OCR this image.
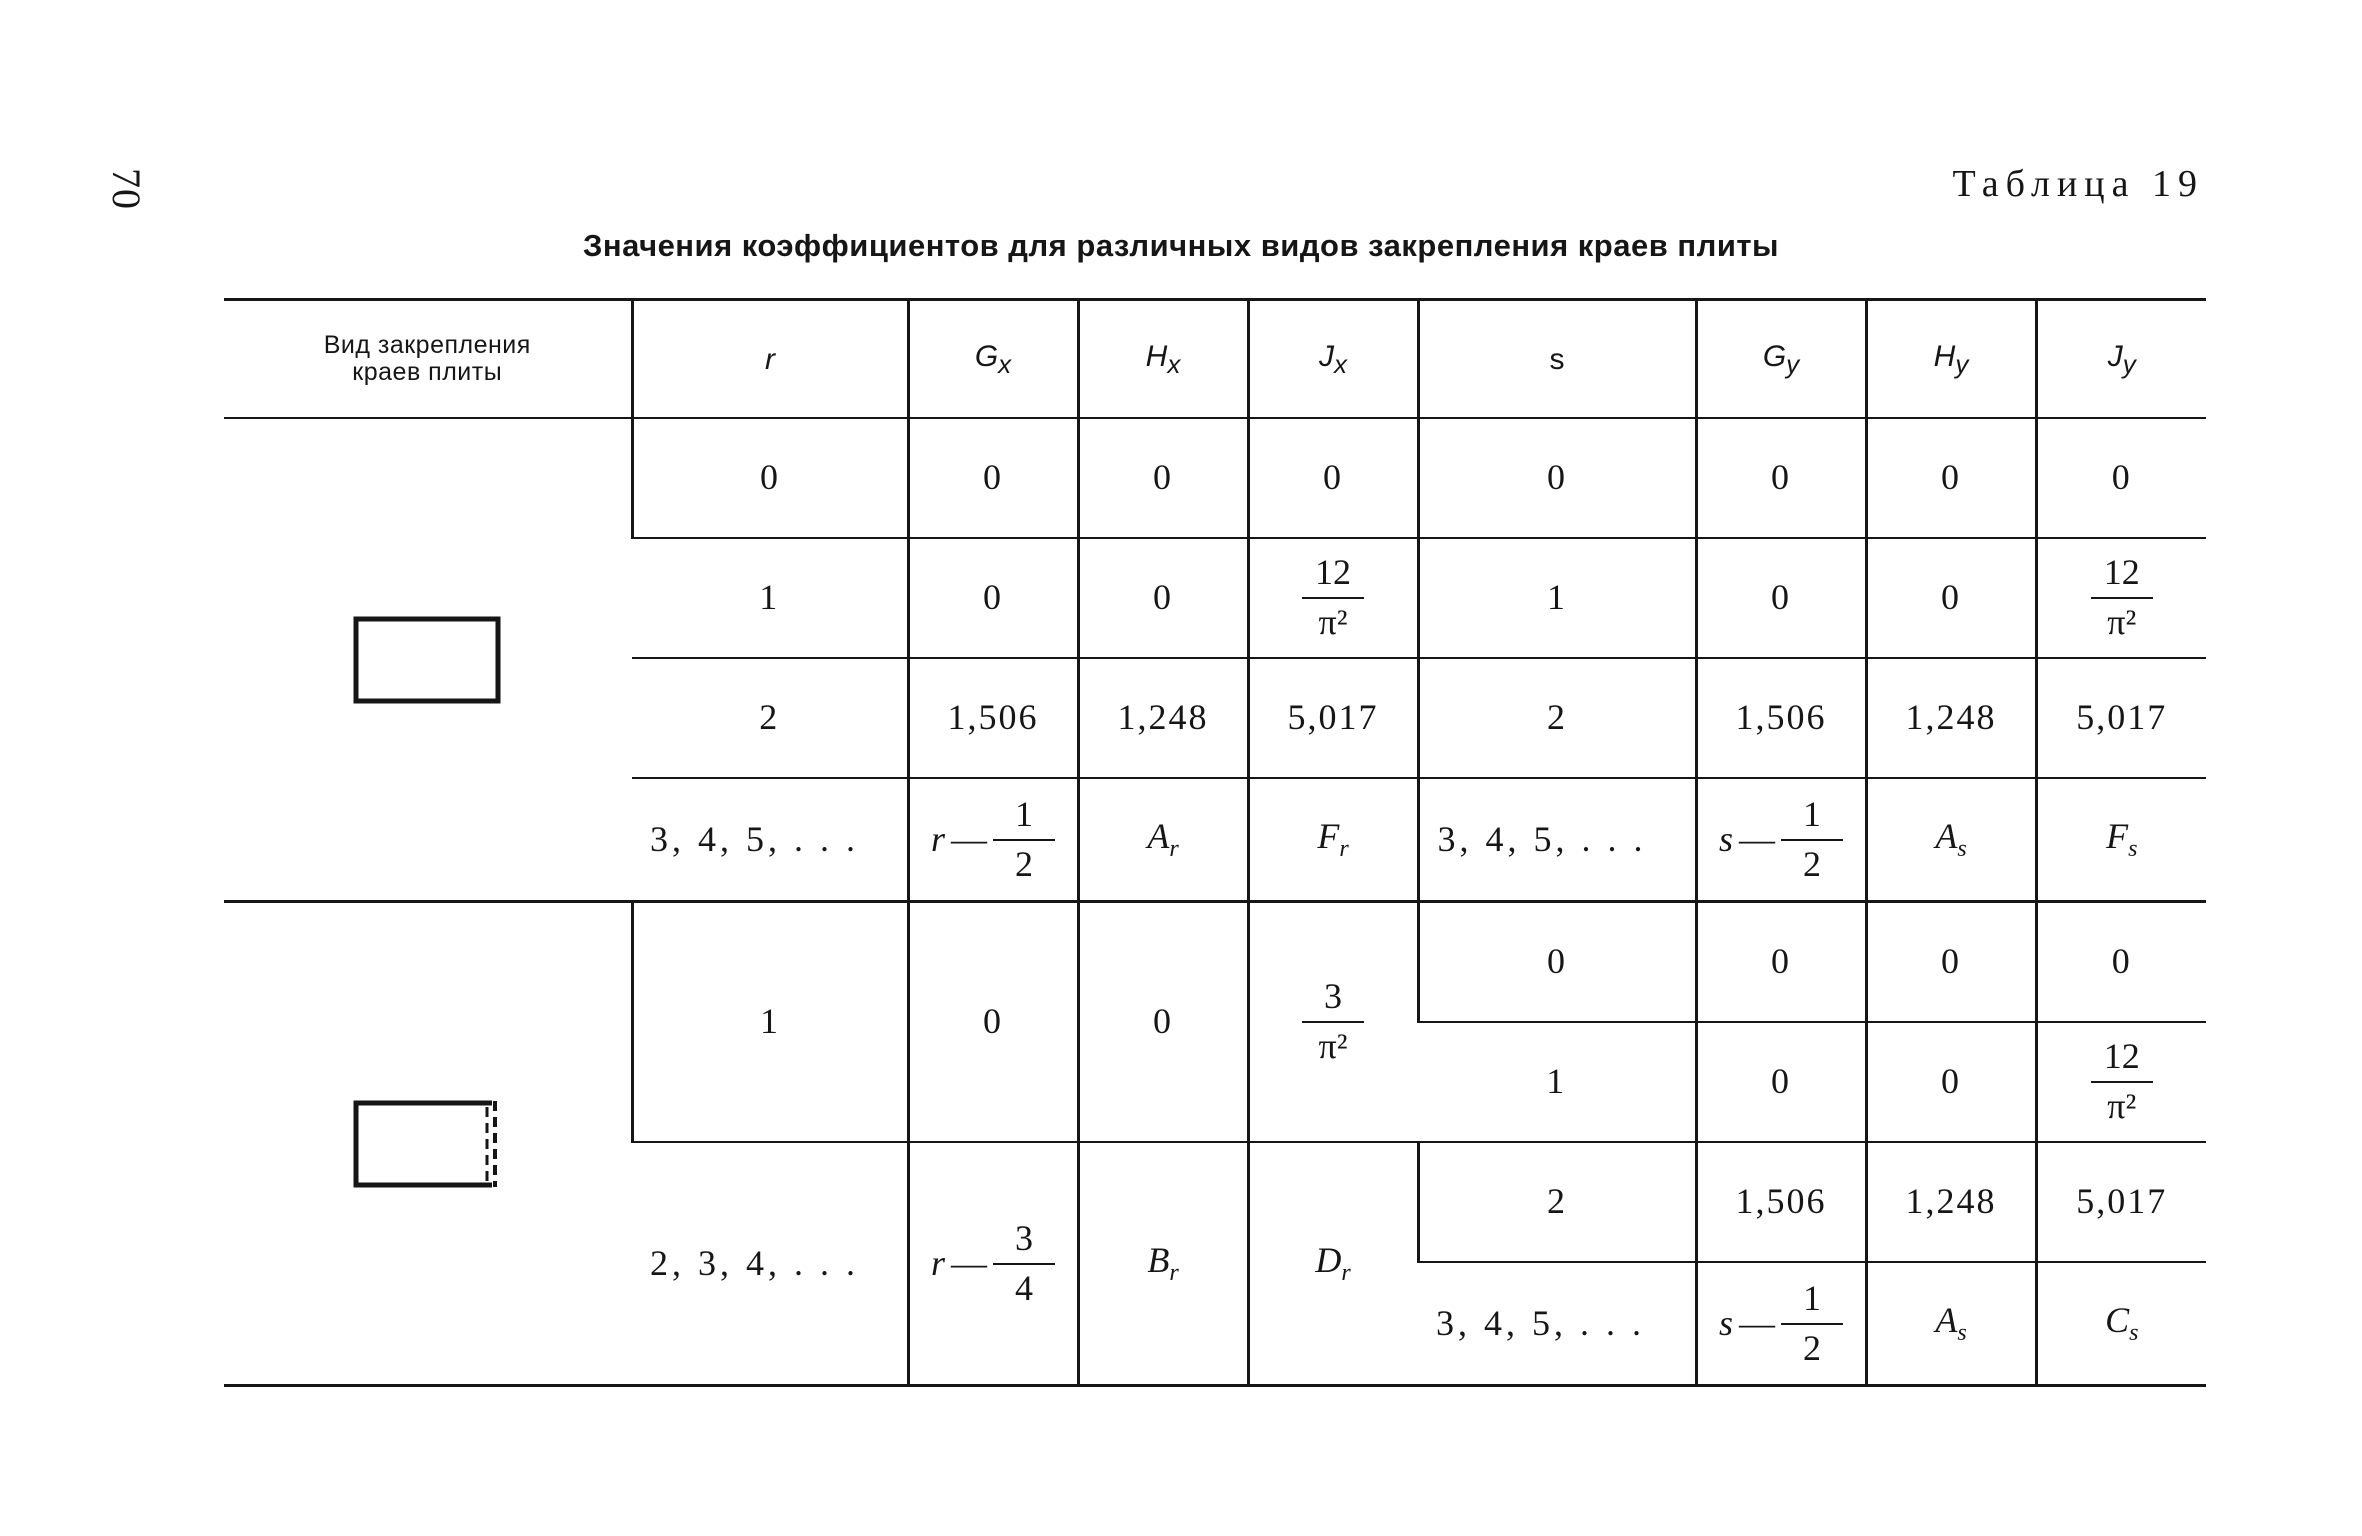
70	Таблица 19
Значения коэффициентов для различных видов закрепления краев плиты
Вид закрепления
краев плиты	r	$G_x$	$H_x$	$J_x$	s	$G_y$	$H_y$	$J_y$

	0	0	0	0	0	0	0	0
	1	0	0	$\frac{12}{\text{π²}}$	1	0	0	$\frac{12}{\text{π²}}$

	2	1,506	1,248	5,017	2	1,506	1,248	5,017
	3, 4, 5, . . .	r — $\frac{1}{2}$	$A_r$	$F_r$	3, 4, 5, . . .	s — $\frac{1}{2}$	$A_s$	$F_s$

	1	0	0	$\frac{3}{\text{π²}}$	0	0	0	0
					1	0	0	$\frac{12}{\text{π²}}$

	2, 3, 4, . . .	r — $\frac{3}{4}$	$B_r$	$D_r$	2	1,506	1,248	5,017
					3, 4, 5, . . .	s — $\frac{1}{2}$	$A_s$	$C_s$
